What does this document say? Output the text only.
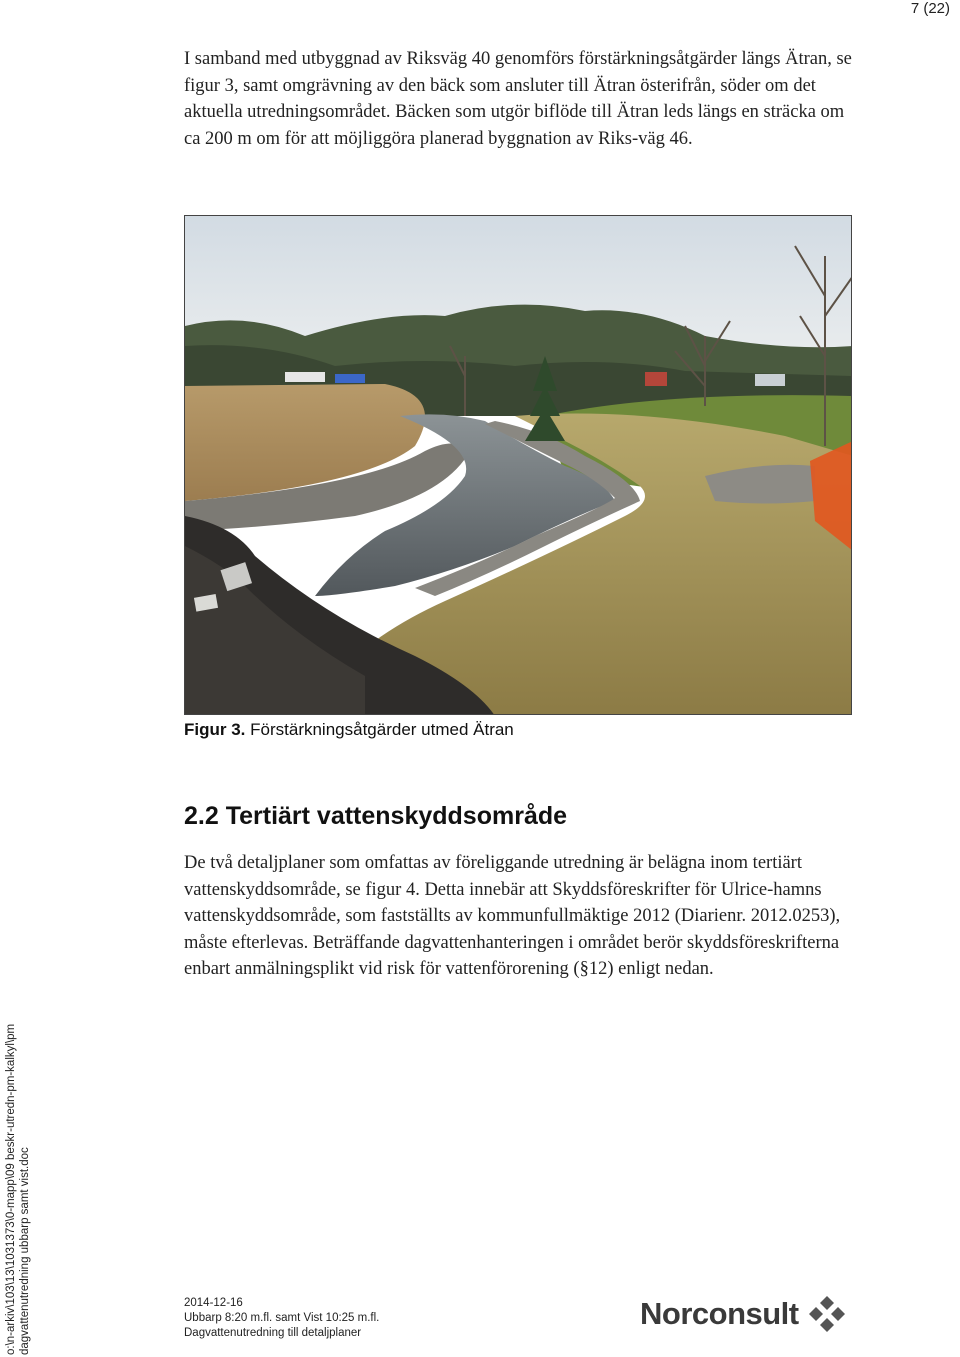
7 (22)

I samband med utbyggnad av Riksväg 40 genomförs förstärkningsåtgärder längs Ätran, se figur 3, samt omgrävning av den bäck som ansluter till Ätran österifrån, söder om det aktuella utredningsområdet. Bäcken som utgör biflöde till Ätran leds längs en sträcka om ca 200 m om för att möjliggöra planerad byggnation av Riks-väg 46.

Figur 3. Förstärkningsåtgärder utmed Ätran
2.2 Tertiärt vattenskyddsområde

De två detaljplaner som omfattas av föreliggande utredning är belägna inom tertiärt vattenskyddsområde, se figur 4. Detta innebär att Skyddsföreskrifter för Ulrice-hamns vattenskyddsområde, som fastställts av kommunfullmäktige 2012 (Diarienr. 2012.0253), måste efterlevas. Beträffande dagvattenhanteringen i området berör skyddsföreskrifterna enbart anmälningsplikt vid risk för vattenförorening (§12) enligt nedan.

o:\n-arkiv\103\13\1031373\0-mapp\09 beskr-utredn-pm-kalkyl\pm dagvattenutredning ubbarp samt vist.doc	2014-12-16
Ubbarp 8:20 m.fl. samt Vist 10:25 m.fl.
Dagvattenutredning till detaljplaner
Norconsult
